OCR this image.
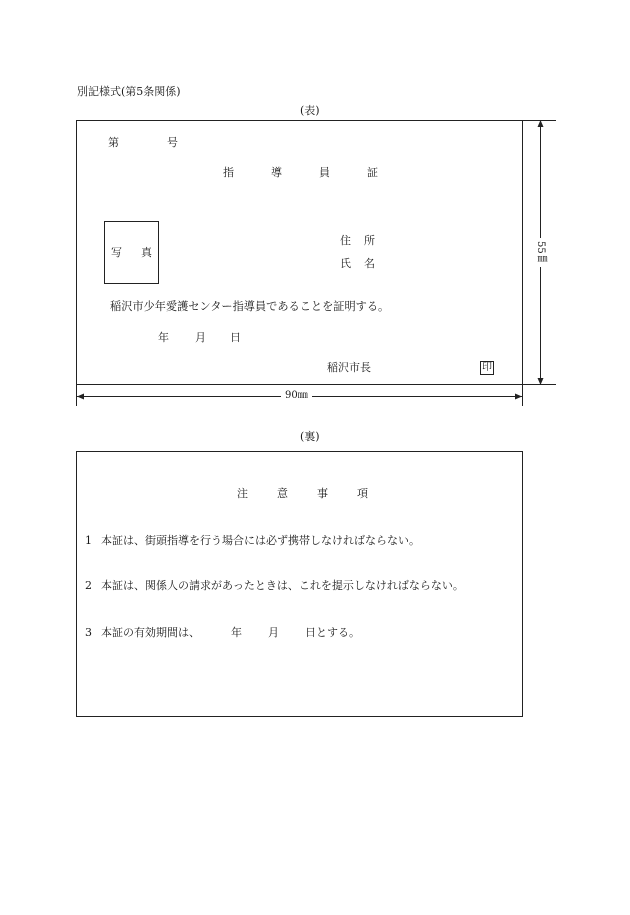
別記様式(第5条関係)
(表)
第	号
指	導	員	証
写 真
住 所
氏 名
稲沢市少年愛護センター指導員であることを証明する。
年 月 日
稲沢市長	印
55㎜
90㎜
(裏)
注	意	事	項
1 本証は、街頭指導を行う場合には必ず携帯しなければならない。
2 本証は、関係人の請求があったときは、これを提示しなければならない。
3 本証の有効期間は、	年 月 日とする。
